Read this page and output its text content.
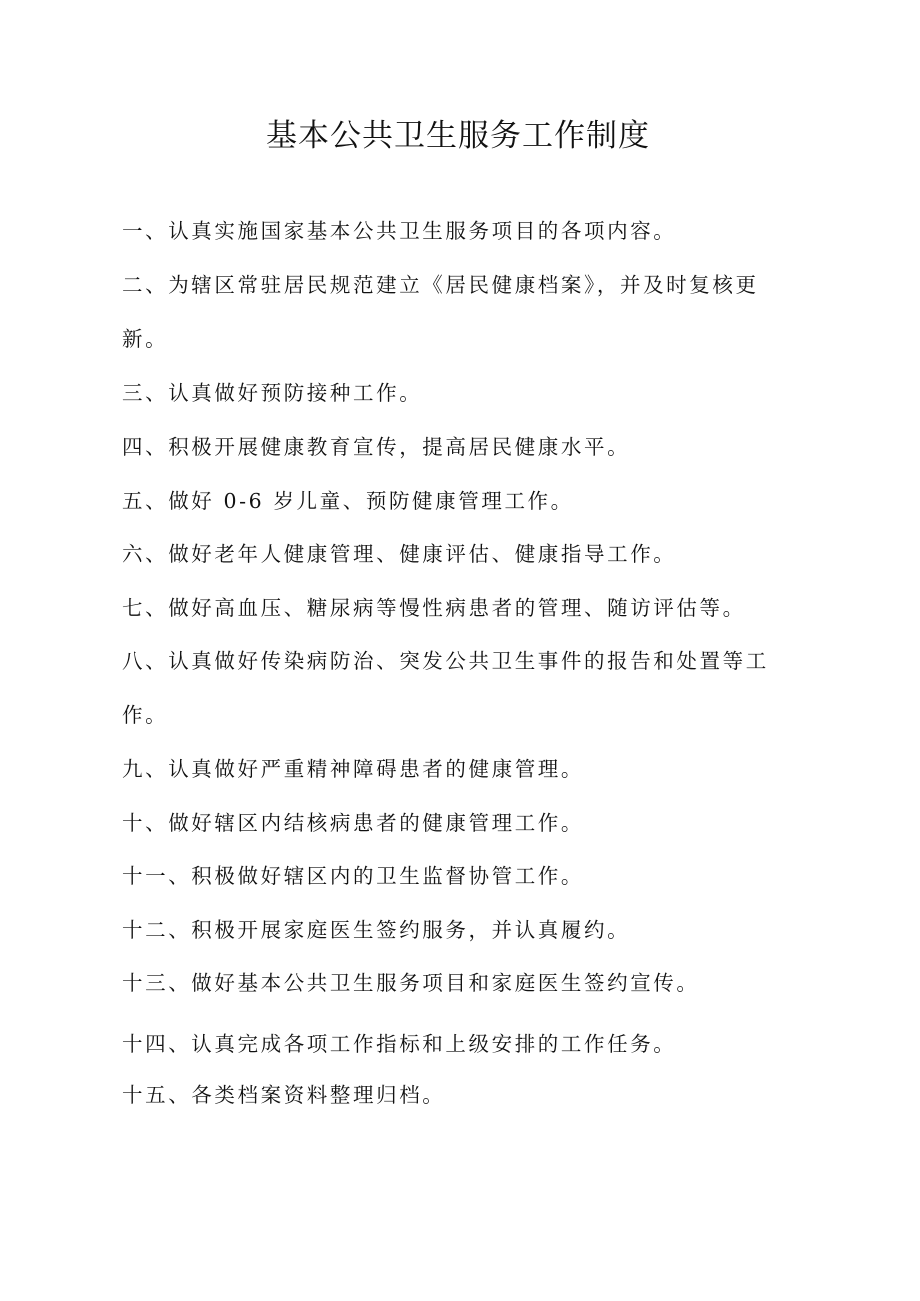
基本公共卫生服务工作制度
一、认真实施国家基本公共卫生服务项目的各项内容。
二、为辖区常驻居民规范建立《居民健康档案》，并及时复核更新。
三、认真做好预防接种工作。
四、积极开展健康教育宣传，提高居民健康水平。
五、做好 0-6 岁儿童、预防健康管理工作。
六、做好老年人健康管理、健康评估、健康指导工作。
七、做好高血压、糖尿病等慢性病患者的管理、随访评估等。
八、认真做好传染病防治、突发公共卫生事件的报告和处置等工作。
九、认真做好严重精神障碍患者的健康管理。
十、做好辖区内结核病患者的健康管理工作。
十一、积极做好辖区内的卫生监督协管工作。
十二、积极开展家庭医生签约服务，并认真履约。
十三、做好基本公共卫生服务项目和家庭医生签约宣传。
十四、认真完成各项工作指标和上级安排的工作任务。
十五、各类档案资料整理归档。
